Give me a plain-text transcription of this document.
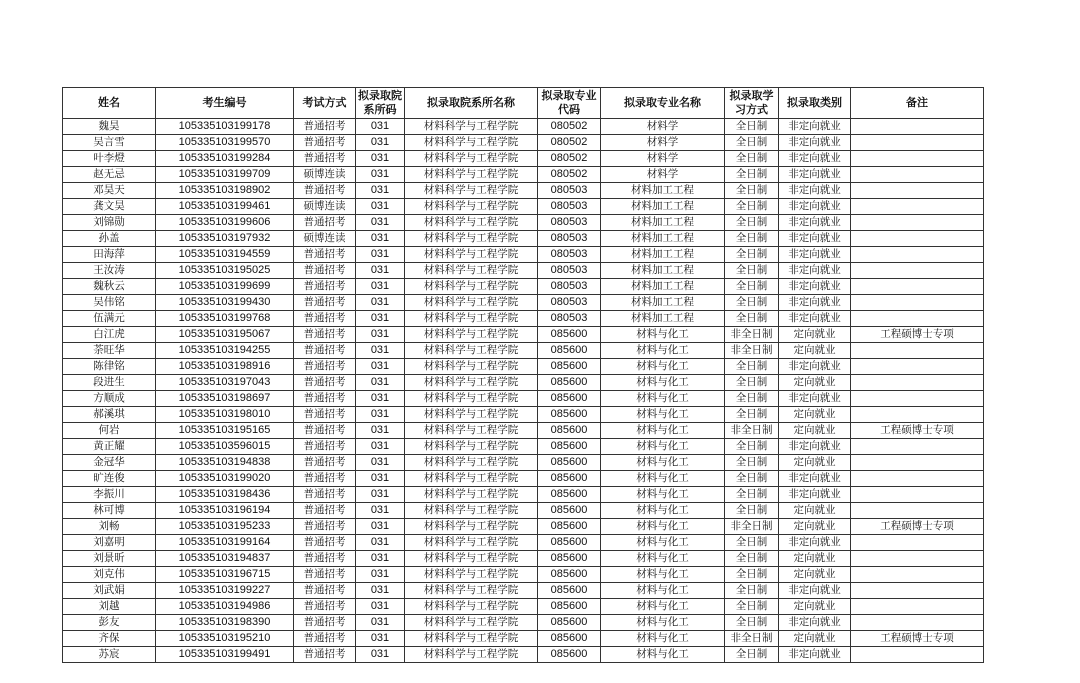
姓名	考生编号	考试方式	拟录取院系所码	拟录取院系所名称	拟录取专业代码	拟录取专业名称	拟录取学习方式	拟录取类别	备注
魏昊	105335103199178	普通招考	031	材料科学与工程学院	080502	材料学	全日制	非定向就业	
吴言雪	105335103199570	普通招考	031	材料科学与工程学院	080502	材料学	全日制	非定向就业	
叶李燈	105335103199284	普通招考	031	材料科学与工程学院	080502	材料学	全日制	非定向就业	
赵无忌	105335103199709	硕博连读	031	材料科学与工程学院	080502	材料学	全日制	非定向就业	
邓昊天	105335103198902	普通招考	031	材料科学与工程学院	080503	材料加工工程	全日制	非定向就业	
龚文昊	105335103199461	硕博连读	031	材料科学与工程学院	080503	材料加工工程	全日制	非定向就业	
刘锦勋	105335103199606	普通招考	031	材料科学与工程学院	080503	材料加工工程	全日制	非定向就业	
孙盖	105335103197932	硕博连读	031	材料科学与工程学院	080503	材料加工工程	全日制	非定向就业	
田海萍	105335103194559	普通招考	031	材料科学与工程学院	080503	材料加工工程	全日制	非定向就业	
王汝涛	105335103195025	普通招考	031	材料科学与工程学院	080503	材料加工工程	全日制	非定向就业	
魏秋云	105335103199699	普通招考	031	材料科学与工程学院	080503	材料加工工程	全日制	非定向就业	
吴伟铭	105335103199430	普通招考	031	材料科学与工程学院	080503	材料加工工程	全日制	非定向就业	
伍满元	105335103199768	普通招考	031	材料科学与工程学院	080503	材料加工工程	全日制	非定向就业	
白江虎	105335103195067	普通招考	031	材料科学与工程学院	085600	材料与化工	非全日制	定向就业	工程硕博士专项
荼旺华	105335103194255	普通招考	031	材料科学与工程学院	085600	材料与化工	非全日制	定向就业	
陈律铭	105335103198916	普通招考	031	材料科学与工程学院	085600	材料与化工	全日制	非定向就业	
段进生	105335103197043	普通招考	031	材料科学与工程学院	085600	材料与化工	全日制	定向就业	
方顺成	105335103198697	普通招考	031	材料科学与工程学院	085600	材料与化工	全日制	非定向就业	
郝溪琪	105335103198010	普通招考	031	材料科学与工程学院	085600	材料与化工	全日制	定向就业	
何岩	105335103195165	普通招考	031	材料科学与工程学院	085600	材料与化工	非全日制	定向就业	工程硕博士专项
黄正耀	105335103596015	普通招考	031	材料科学与工程学院	085600	材料与化工	全日制	非定向就业	
金冠华	105335103194838	普通招考	031	材料科学与工程学院	085600	材料与化工	全日制	定向就业	
旷连俊	105335103199020	普通招考	031	材料科学与工程学院	085600	材料与化工	全日制	非定向就业	
李振川	105335103198436	普通招考	031	材料科学与工程学院	085600	材料与化工	全日制	非定向就业	
林可博	105335103196194	普通招考	031	材料科学与工程学院	085600	材料与化工	全日制	定向就业	
刘畅	105335103195233	普通招考	031	材料科学与工程学院	085600	材料与化工	非全日制	定向就业	工程硕博士专项
刘嘉明	105335103199164	普通招考	031	材料科学与工程学院	085600	材料与化工	全日制	非定向就业	
刘景昕	105335103194837	普通招考	031	材料科学与工程学院	085600	材料与化工	全日制	定向就业	
刘克伟	105335103196715	普通招考	031	材料科学与工程学院	085600	材料与化工	全日制	定向就业	
刘武娟	105335103199227	普通招考	031	材料科学与工程学院	085600	材料与化工	全日制	非定向就业	
刘越	105335103194986	普通招考	031	材料科学与工程学院	085600	材料与化工	全日制	定向就业	
彭友	105335103198390	普通招考	031	材料科学与工程学院	085600	材料与化工	全日制	非定向就业	
齐保	105335103195210	普通招考	031	材料科学与工程学院	085600	材料与化工	非全日制	定向就业	工程硕博士专项
苏宸	105335103199491	普通招考	031	材料科学与工程学院	085600	材料与化工	全日制	非定向就业	
